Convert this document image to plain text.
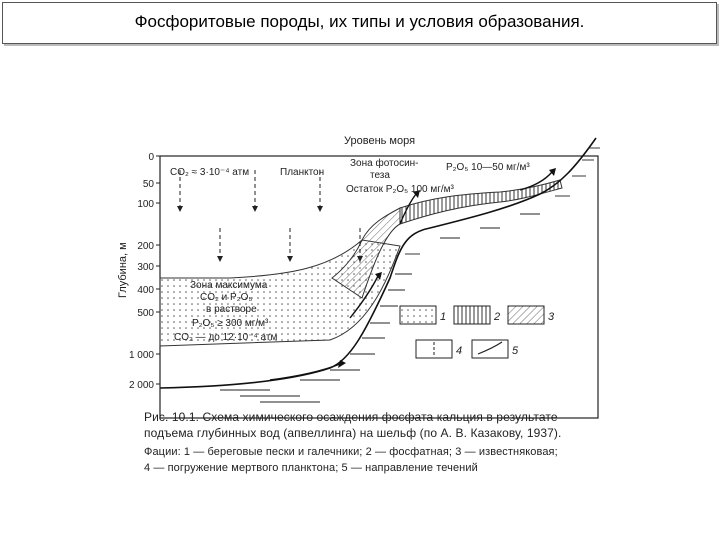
Фосфоритовые породы, их типы и условия образования.
0
50
100
200
300
400
500
1 000
2 000
Глубина, м
Уровень моря
CO₂ ≈ 3·10⁻⁴ атм	Планктон
Зона фотосин-
теза
P₂O₅ 10—50 мг/м³
Остаток P₂O₅ 100 мг/м³
Зона максимума
CO₂ и P₂O₅
в растворе
P₂O₅ ≥ 300 мг/м³
CO₂ — до 12·10⁻⁴ атм
1	2	3
4	5
Рис. 10.1. Схема химического осаждения фосфата кальция в результате
подъема глубинных вод (апвеллинга) на шельф (по А. В. Казакову, 1937).
Фации: 1 — береговые пески и галечники; 2 — фосфатная; 3 — известняковая;
4 — погружение мертвого планктона; 5 — направление течений
